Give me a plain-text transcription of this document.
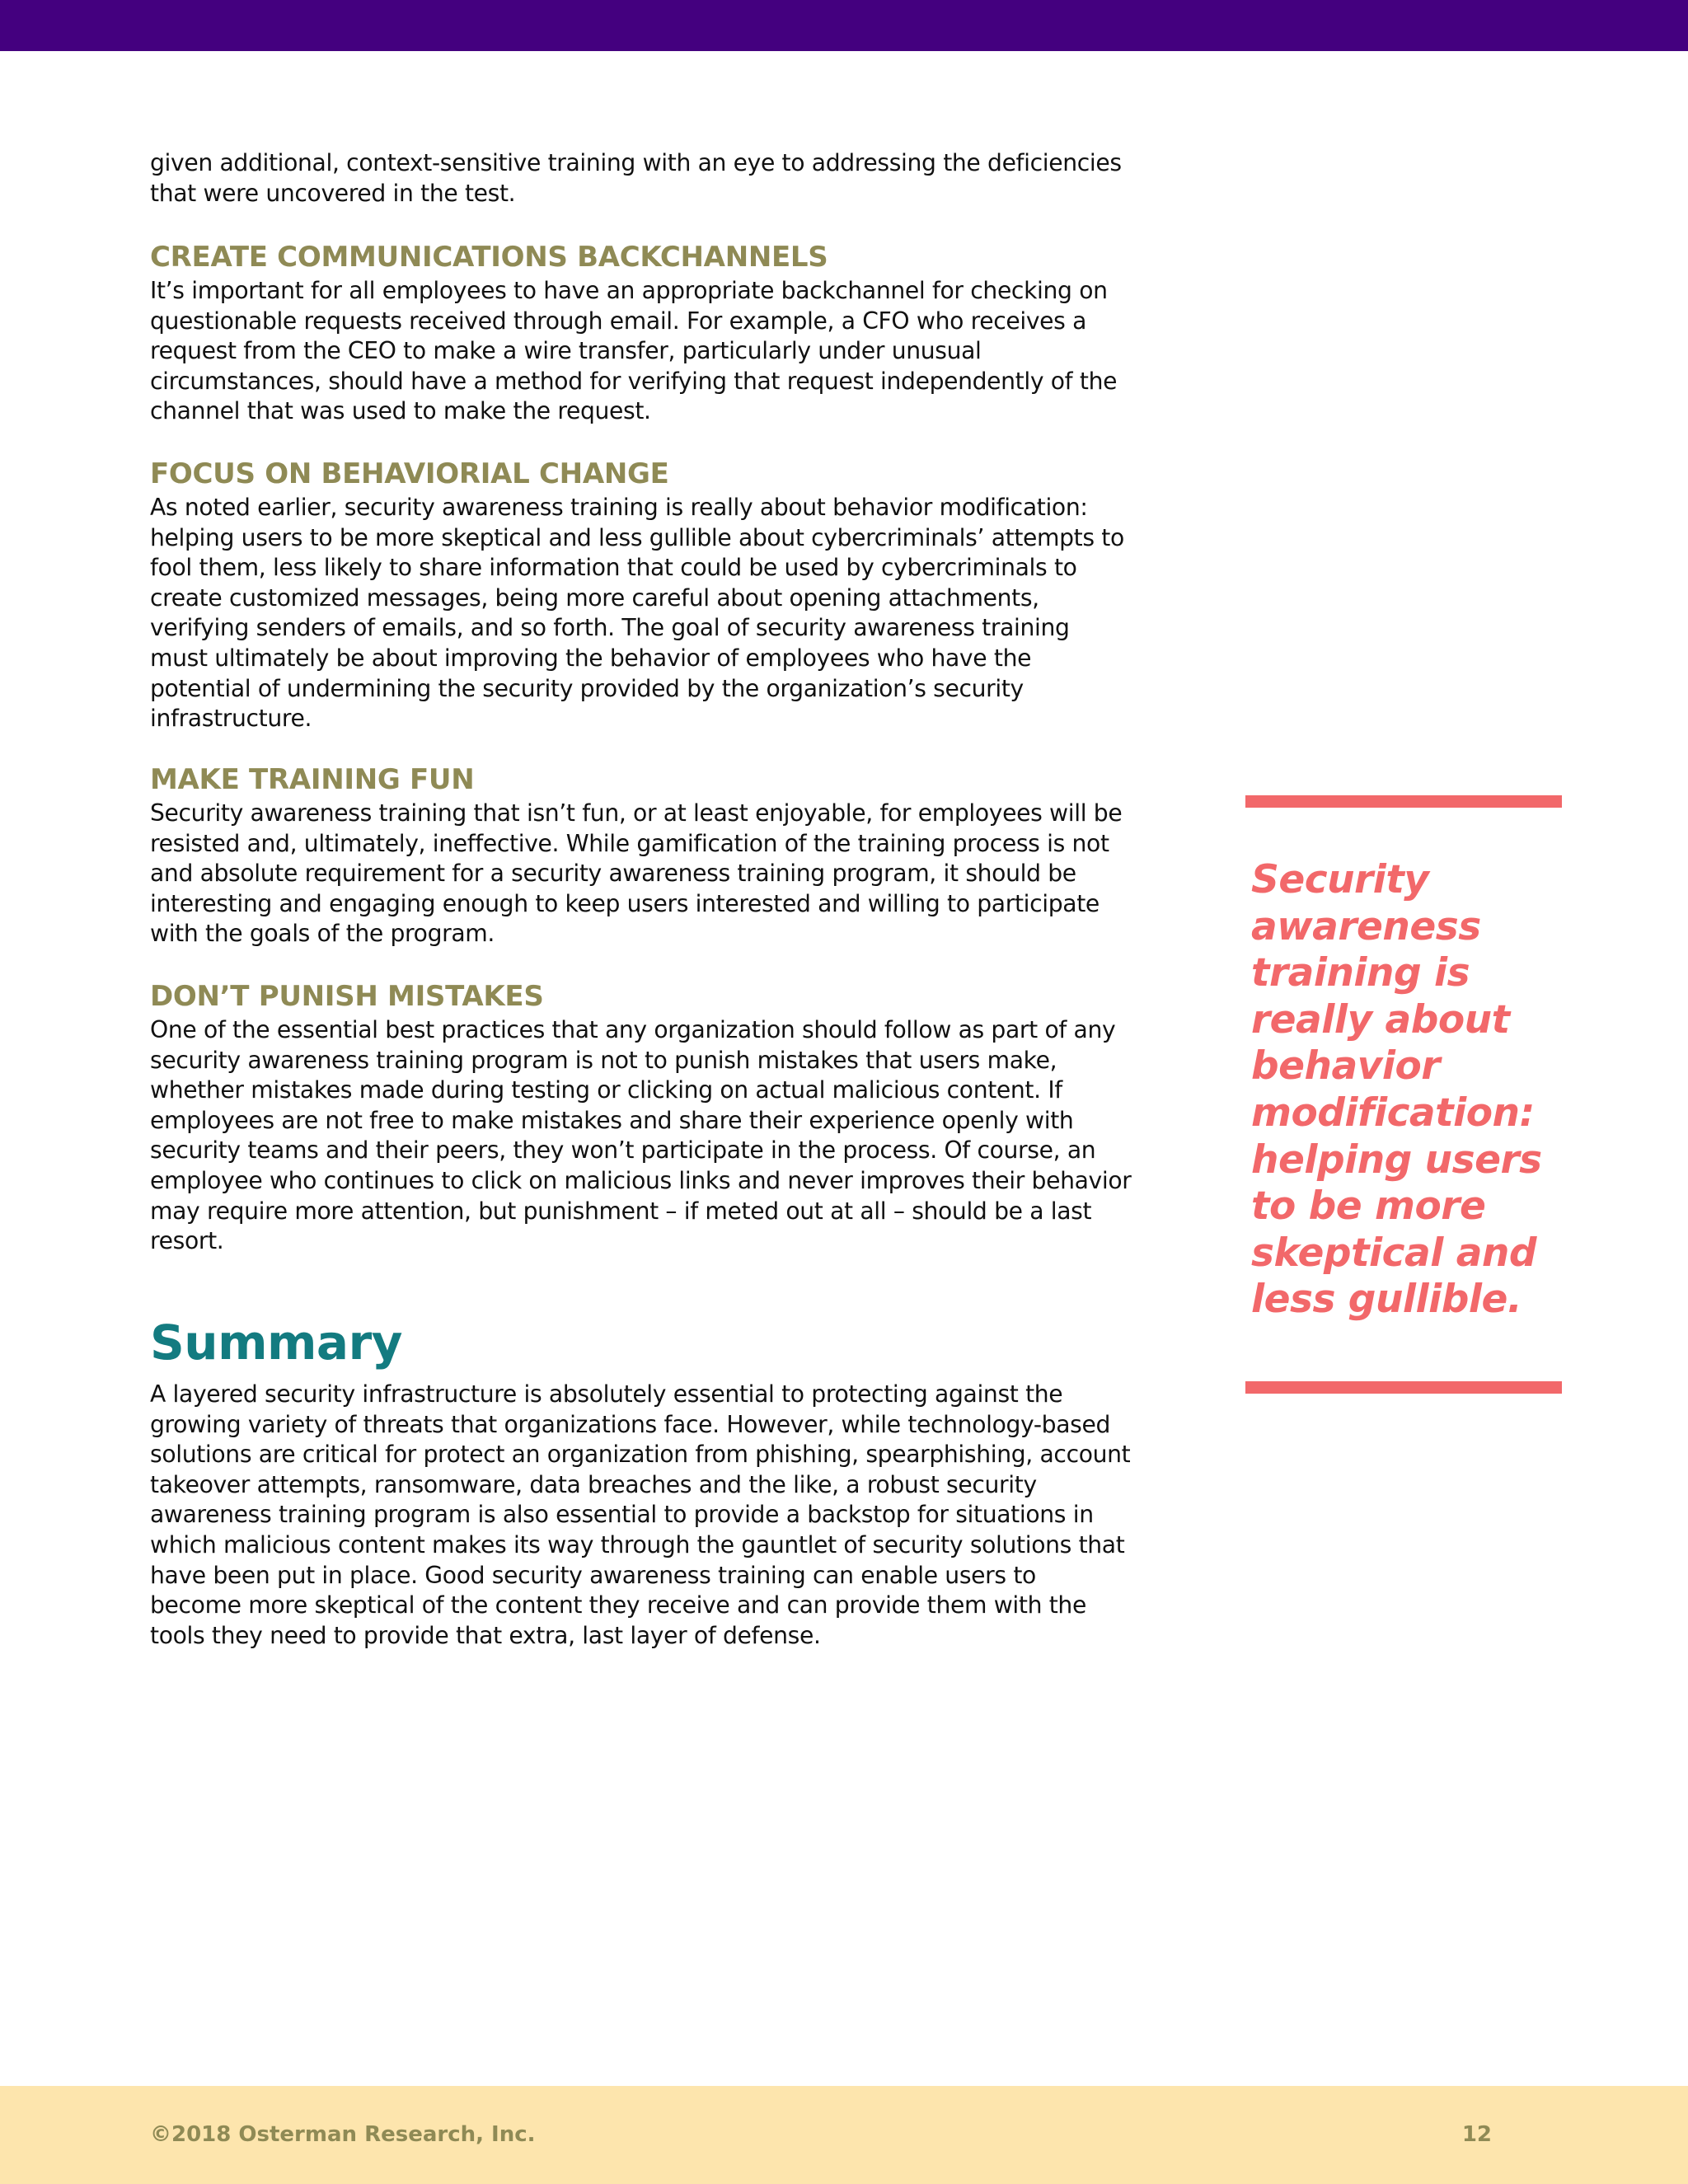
given additional, context-sensitive training with an eye to addressing the deficiencies
that were uncovered in the test.
CREATE COMMUNICATIONS BACKCHANNELS
It’s important for all employees to have an appropriate backchannel for checking on
questionable requests received through email. For example, a CFO who receives a
request from the CEO to make a wire transfer, particularly under unusual
circumstances, should have a method for verifying that request independently of the
channel that was used to make the request.
FOCUS ON BEHAVIORIAL CHANGE
As noted earlier, security awareness training is really about behavior modification:
helping users to be more skeptical and less gullible about cybercriminals’ attempts to
fool them, less likely to share information that could be used by cybercriminals to
create customized messages, being more careful about opening attachments,
verifying senders of emails, and so forth. The goal of security awareness training
must ultimately be about improving the behavior of employees who have the
potential of undermining the security provided by the organization’s security
infrastructure.
MAKE TRAINING FUN
Security awareness training that isn’t fun, or at least enjoyable, for employees will be
resisted and, ultimately, ineffective. While gamification of the training process is not
and absolute requirement for a security awareness training program, it should be
interesting and engaging enough to keep users interested and willing to participate
with the goals of the program.
DON’T PUNISH MISTAKES
One of the essential best practices that any organization should follow as part of any
security awareness training program is not to punish mistakes that users make,
whether mistakes made during testing or clicking on actual malicious content. If
employees are not free to make mistakes and share their experience openly with
security teams and their peers, they won’t participate in the process. Of course, an
employee who continues to click on malicious links and never improves their behavior
may require more attention, but punishment – if meted out at all – should be a last
resort.
Summary
A layered security infrastructure is absolutely essential to protecting against the
growing variety of threats that organizations face. However, while technology-based
solutions are critical for protect an organization from phishing, spearphishing, account
takeover attempts, ransomware, data breaches and the like, a robust security
awareness training program is also essential to provide a backstop for situations in
which malicious content makes its way through the gauntlet of security solutions that
have been put in place. Good security awareness training can enable users to
become more skeptical of the content they receive and can provide them with the
tools they need to provide that extra, last layer of defense.
Security
awareness
training is
really about
behavior
modification:
helping users
to be more
skeptical and
less gullible.
©2018 Osterman Research, Inc.	12
